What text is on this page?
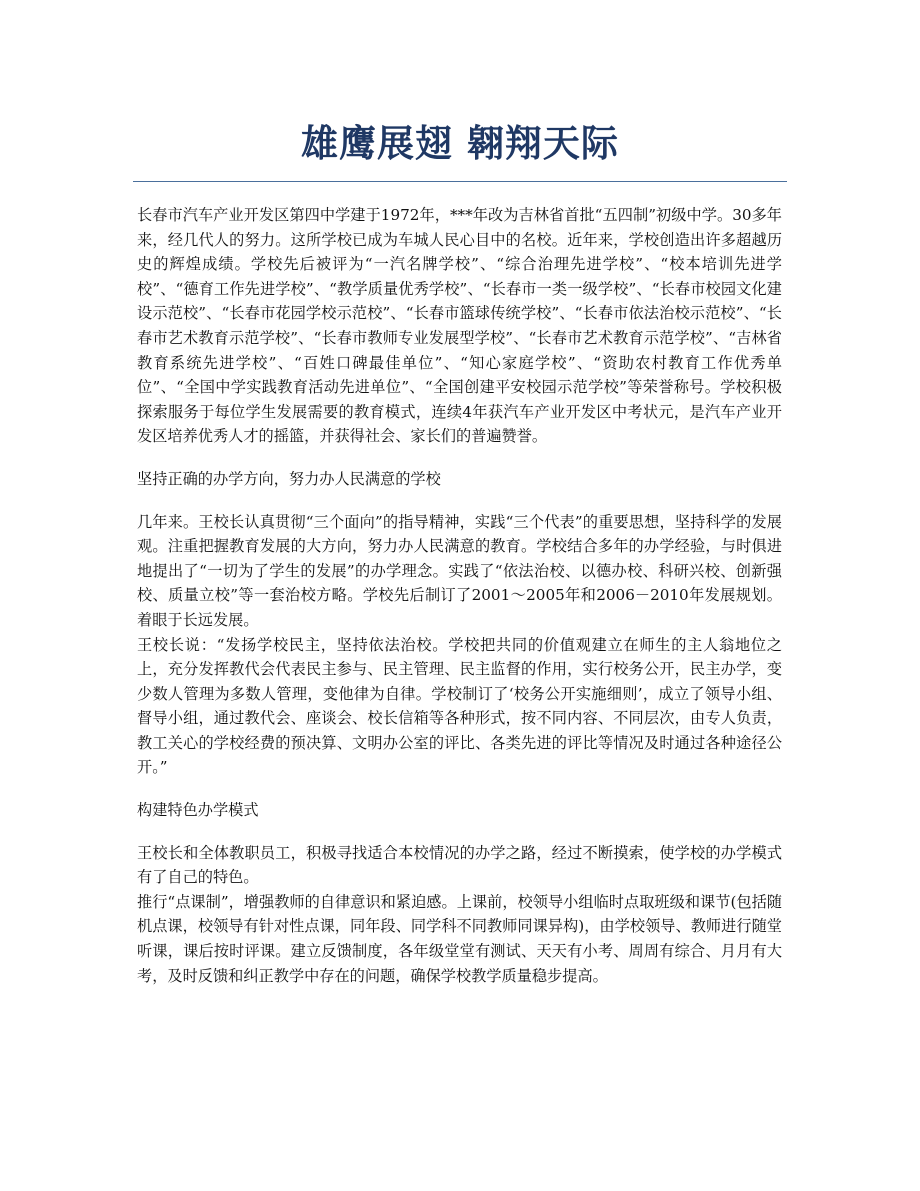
雄鹰展翅 翱翔天际

长春市汽车产业开发区第四中学建于1972年，***年改为吉林省首批“五四制”初级中学。30多年来，经几代人的努力。这所学校已成为车城人民心目中的名校。近年来，学校创造出许多超越历史的辉煌成绩。学校先后被评为“一汽名牌学校”、“综合治理先进学校”、“校本培训先进学校”、“德育工作先进学校”、“教学质量优秀学校”、“长春市一类一级学校”、“长春市校园文化建设示范校”、“长春市花园学校示范校”、“长春市篮球传统学校”、“长春市依法治校示范校”、“长春市艺术教育示范学校”、“长春市教师专业发展型学校”、“长春市艺术教育示范学校”、“吉林省教育系统先进学校”、“百姓口碑最佳单位”、“知心家庭学校”、“资助农村教育工作优秀单位”、“全国中学实践教育活动先进单位”、“全国创建平安校园示范学校”等荣誉称号。学校积极探索服务于每位学生发展需要的教育模式，连续4年获汽车产业开发区中考状元，是汽车产业开发区培养优秀人才的摇篮，并获得社会、家长们的普遍赞誉。

坚持正确的办学方向，努力办人民满意的学校

几年来。王校长认真贯彻“三个面向”的指导精神，实践“三个代表”的重要思想，坚持科学的发展观。注重把握教育发展的大方向，努力办人民满意的教育。学校结合多年的办学经验，与时俱进地提出了“一切为了学生的发展”的办学理念。实践了“依法治校、以德办校、科研兴校、创新强校、质量立校”等一套治校方略。学校先后制订了2001～2005年和2006－2010年发展规划。着眼于长远发展。

王校长说：“发扬学校民主，坚持依法治校。学校把共同的价值观建立在师生的主人翁地位之上，充分发挥教代会代表民主参与、民主管理、民主监督的作用，实行校务公开，民主办学，变少数人管理为多数人管理，变他律为自律。学校制订了‘校务公开实施细则’，成立了领导小组、督导小组，通过教代会、座谈会、校长信箱等各种形式，按不同内容、不同层次，由专人负责，教工关心的学校经费的预决算、文明办公室的评比、各类先进的评比等情况及时通过各种途径公开。”

构建特色办学模式

王校长和全体教职员工，积极寻找适合本校情况的办学之路，经过不断摸索，使学校的办学模式有了自己的特色。

推行“点课制”，增强教师的自律意识和紧迫感。上课前，校领导小组临时点取班级和课节(包括随机点课，校领导有针对性点课，同年段、同学科不同教师同课异构)，由学校领导、教师进行随堂听课，课后按时评课。建立反馈制度，各年级堂堂有测试、天天有小考、周周有综合、月月有大考，及时反馈和纠正教学中存在的问题，确保学校教学质量稳步提高。
